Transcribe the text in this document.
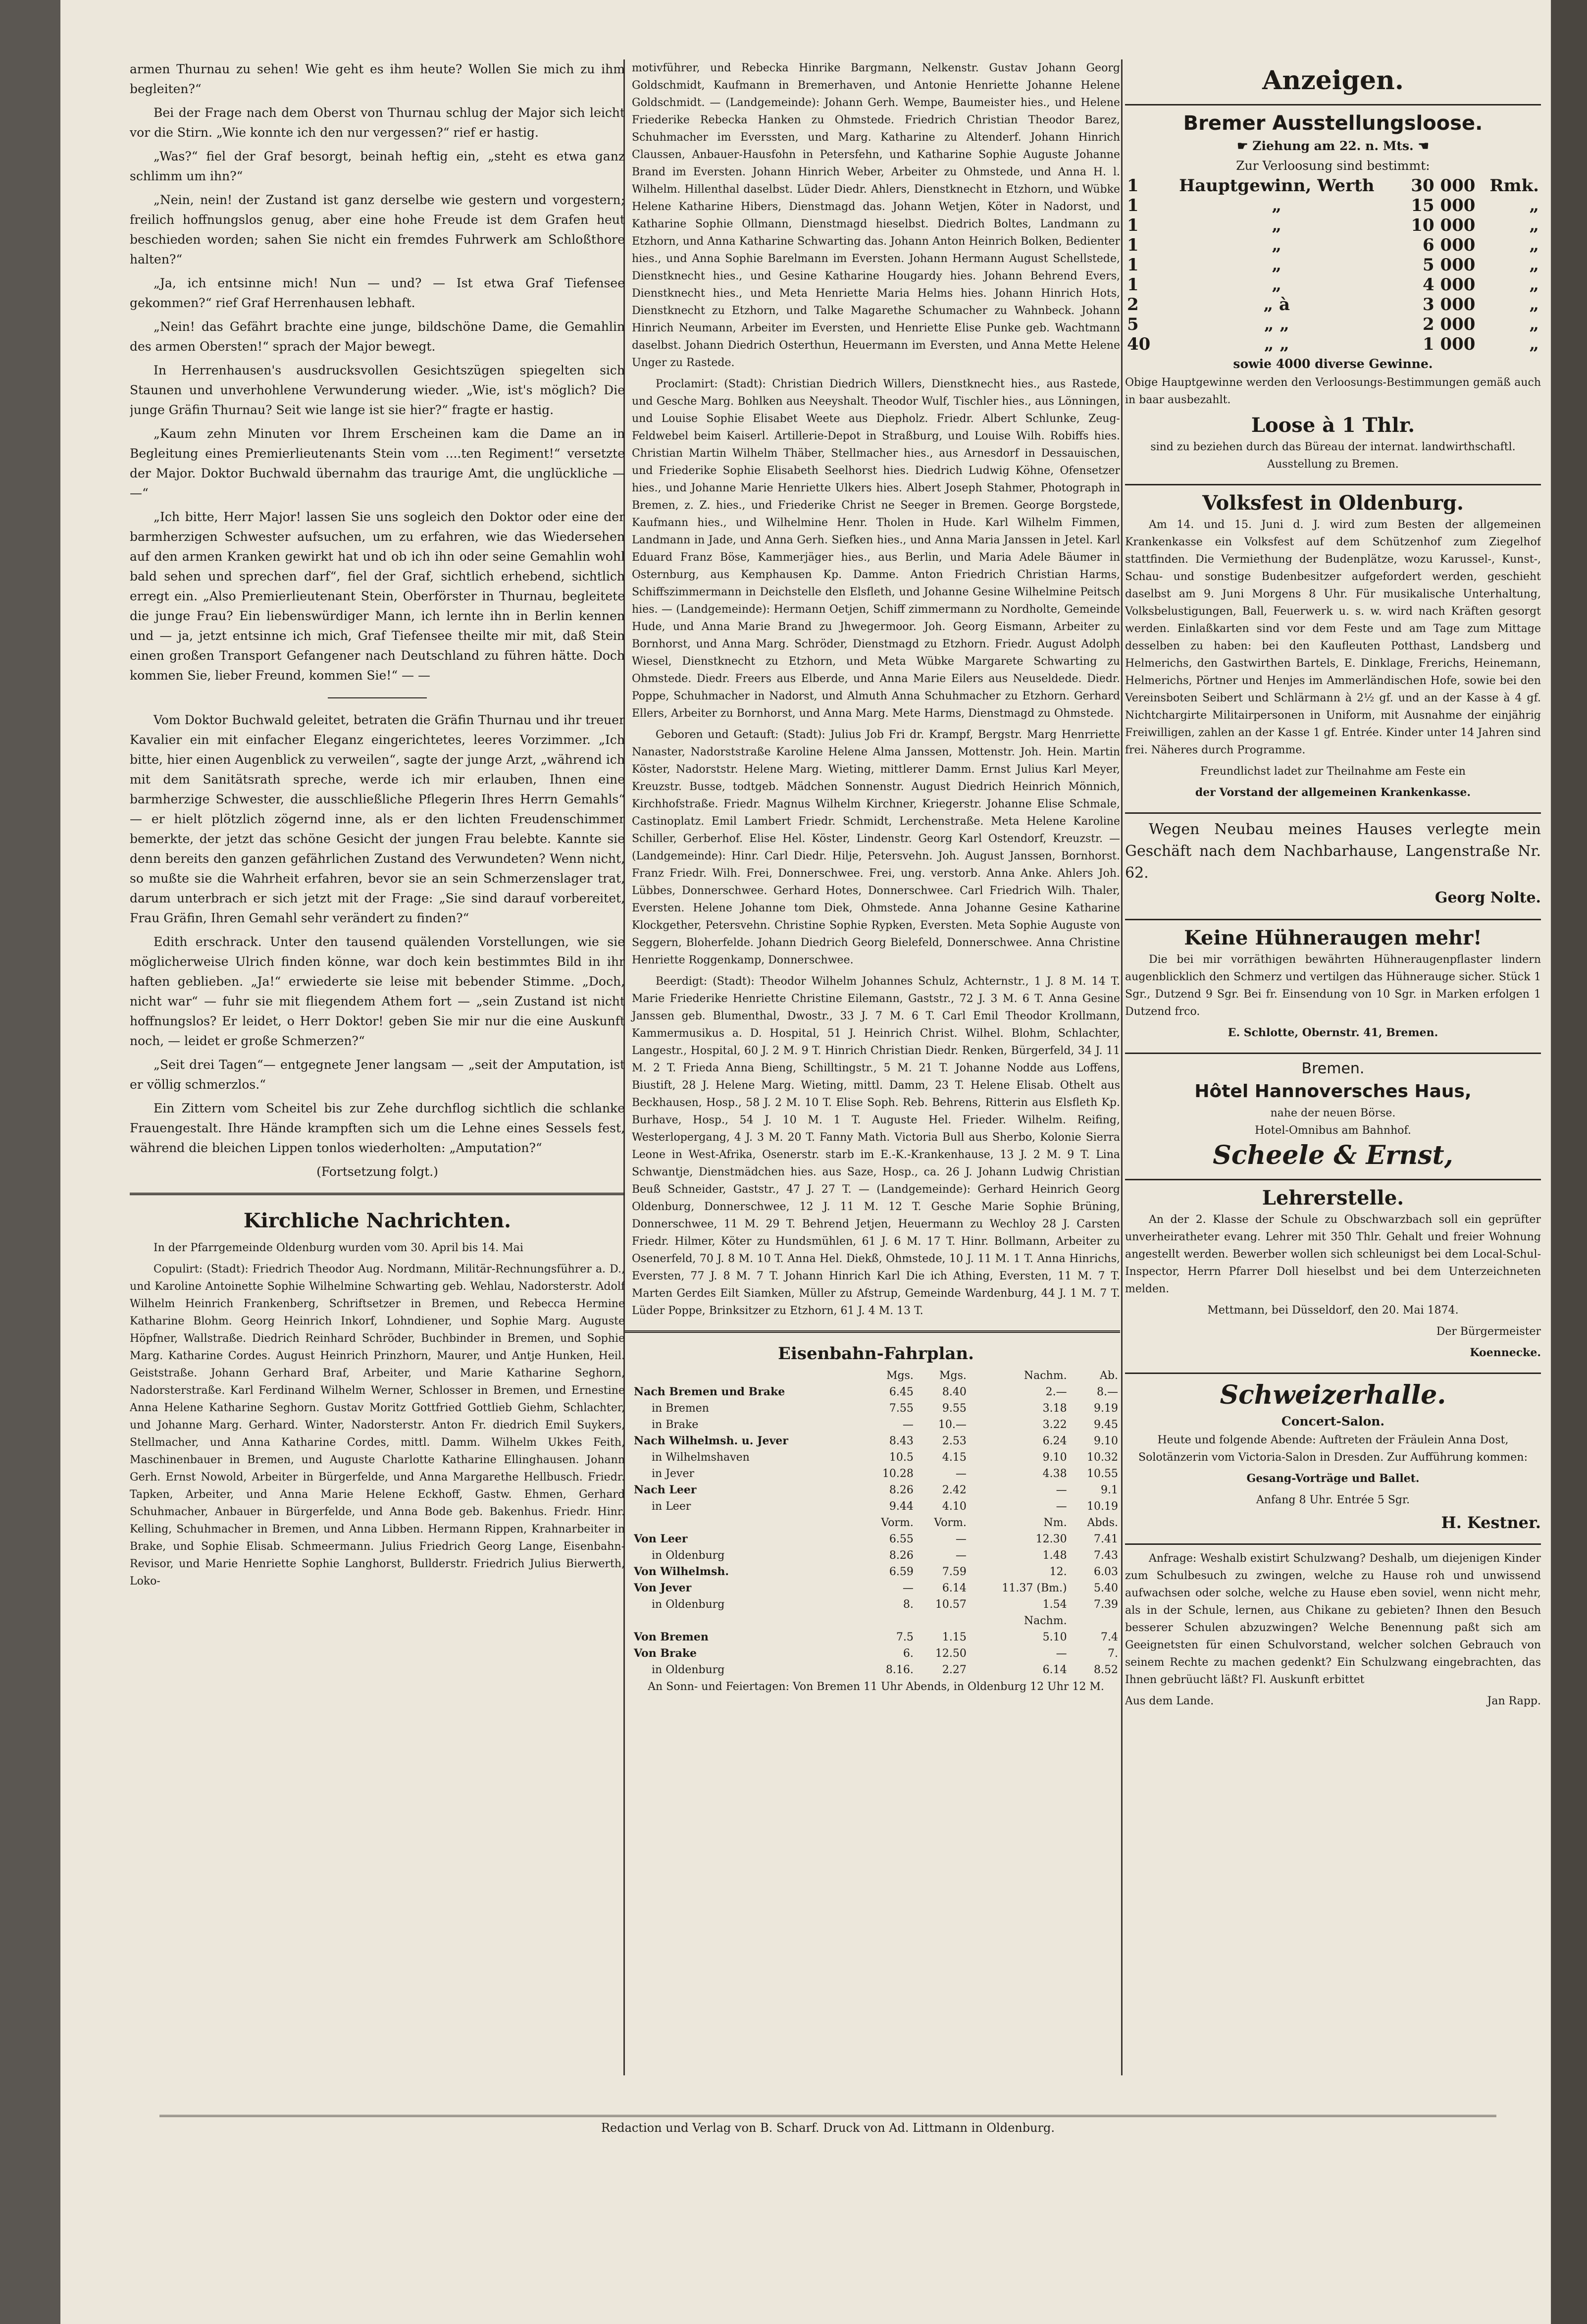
armen Thurnau zu sehen! Wie geht es ihm heute? Wollen Sie mich zu ihm begleiten?“

Bei der Frage nach dem Oberst von Thurnau schlug der Major sich leicht vor die Stirn. „Wie konnte ich den nur vergessen?“ rief er hastig.

„Was?“ fiel der Graf besorgt, beinah heftig ein, „steht es etwa ganz schlimm um ihn?“

„Nein, nein! der Zustand ist ganz derselbe wie gestern und vorgestern; freilich hoffnungslos genug, aber eine hohe Freude ist dem Grafen heut beschieden worden; sahen Sie nicht ein fremdes Fuhrwerk am Schloßthore halten?“

„Ja, ich entsinne mich! Nun — und? — Ist etwa Graf Tiefensee gekommen?“ rief Graf Herrenhausen lebhaft.

„Nein! das Gefährt brachte eine junge, bildschöne Dame, die Gemahlin des armen Obersten!“ sprach der Major bewegt.

In Herrenhausen's ausdrucksvollen Gesichtszügen spiegelten sich Staunen und unverhohlene Verwunderung wieder. „Wie, ist's möglich? Die junge Gräfin Thurnau? Seit wie lange ist sie hier?“ fragte er hastig.

„Kaum zehn Minuten vor Ihrem Erscheinen kam die Dame an in Begleitung eines Premierlieutenants Stein vom ....ten Regiment!“ versetzte der Major. Doktor Buchwald übernahm das traurige Amt, die unglückliche — —“

„Ich bitte, Herr Major! lassen Sie uns sogleich den Doktor oder eine der barmherzigen Schwester aufsuchen, um zu erfahren, wie das Wiedersehen auf den armen Kranken gewirkt hat und ob ich ihn oder seine Gemahlin wohl bald sehen und sprechen darf“, fiel der Graf, sichtlich erhebend, sichtlich erregt ein. „Also Premierlieutenant Stein, Oberförster in Thurnau, begleitete die junge Frau? Ein liebenswürdiger Mann, ich lernte ihn in Berlin kennen und — ja, jetzt entsinne ich mich, Graf Tiefensee theilte mir mit, daß Stein einen großen Transport Gefangener nach Deutschland zu führen hätte. Doch kommen Sie, lieber Freund, kommen Sie!“ — —

Vom Doktor Buchwald geleitet, betraten die Gräfin Thurnau und ihr treuer Kavalier ein mit einfacher Eleganz eingerichtetes, leeres Vorzimmer. „Ich bitte, hier einen Augenblick zu verweilen“, sagte der junge Arzt, „während ich mit dem Sanitätsrath spreche, werde ich mir erlauben, Ihnen eine barmherzige Schwester, die ausschließliche Pflegerin Ihres Herrn Gemahls“ — er hielt plötzlich zögernd inne, als er den lichten Freudenschimmer bemerkte, der jetzt das schöne Gesicht der jungen Frau belebte. Kannte sie denn bereits den ganzen gefährlichen Zustand des Verwundeten? Wenn nicht, so mußte sie die Wahrheit erfahren, bevor sie an sein Schmerzenslager trat, darum unterbrach er sich jetzt mit der Frage: „Sie sind darauf vorbereitet, Frau Gräfin, Ihren Gemahl sehr verändert zu finden?“

Edith erschrack. Unter den tausend quälenden Vorstellungen, wie sie möglicherweise Ulrich finden könne, war doch kein bestimmtes Bild in ihr haften geblieben. „Ja!“ erwiederte sie leise mit bebender Stimme. „Doch, nicht war“ — fuhr sie mit fliegendem Athem fort — „sein Zustand ist nicht hoffnungslos? Er leidet, o Herr Doktor! geben Sie mir nur die eine Auskunft noch, — leidet er große Schmerzen?“

„Seit drei Tagen“— entgegnete Jener langsam — „seit der Amputation, ist er völlig schmerzlos.“

Ein Zittern vom Scheitel bis zur Zehe durchflog sichtlich die schlanke Frauengestalt. Ihre Hände krampften sich um die Lehne eines Sessels fest, während die bleichen Lippen tonlos wiederholten: „Amputation?“

(Fortsetzung folgt.)

Kirchliche Nachrichten.

In der Pfarrgemeinde Oldenburg wurden vom 30. April bis 14. Mai

Copulirt: (Stadt): Friedrich Theodor Aug. Nordmann, Militär-Rechnungsführer a. D., und Karoline Antoinette Sophie Wilhelmine Schwarting geb. Wehlau, Nadorsterstr. Adolf Wilhelm Heinrich Frankenberg, Schriftsetzer in Bremen, und Rebecca Hermine Katharine Blohm. Georg Heinrich Inkorf, Lohndiener, und Sophie Marg. Auguste Höpfner, Wallstraße. Diedrich Reinhard Schröder, Buchbinder in Bremen, und Sophie Marg. Katharine Cordes. August Heinrich Prinzhorn, Maurer, und Antje Hunken, Heil. Geiststraße. Johann Gerhard Braf, Arbeiter, und Marie Katharine Seghorn, Nadorsterstraße. Karl Ferdinand Wilhelm Werner, Schlosser in Bremen, und Ernestine Anna Helene Katharine Seghorn. Gustav Moritz Gottfried Gottlieb Giehm, Schlachter, und Johanne Marg. Gerhard. Winter, Nadorsterstr. Anton Fr. diedrich Emil Suykers, Stellmacher, und Anna Katharine Cordes, mittl. Damm. Wilhelm Ukkes Feith, Maschinenbauer in Bremen, und Auguste Charlotte Katharine Ellinghausen. Johann Gerh. Ernst Nowold, Arbeiter in Bürgerfelde, und Anna Margarethe Hellbusch. Friedr. Tapken, Arbeiter, und Anna Marie Helene Eckhoff, Gastw. Ehmen, Gerhard Schuhmacher, Anbauer in Bürgerfelde, und Anna Bode geb. Bakenhus. Friedr. Hinr. Kelling, Schuhmacher in Bremen, und Anna Libben. Hermann Rippen, Krahnarbeiter in Brake, und Sophie Elisab. Schmeermann. Julius Friedrich Georg Lange, Eisenbahn-Revisor, und Marie Henriette Sophie Langhorst, Bullderstr. Friedrich Julius Bierwerth, Loko-

motivführer, und Rebecka Hinrike Bargmann, Nelkenstr. Gustav Johann Georg Goldschmidt, Kaufmann in Bremerhaven, und Antonie Henriette Johanne Helene Goldschmidt. — (Landgemeinde): Johann Gerh. Wempe, Baumeister hies., und Helene Friederike Rebecka Hanken zu Ohmstede. Friedrich Christian Theodor Barez, Schuhmacher im Everssten, und Marg. Katharine zu Altenderf. Johann Hinrich Claussen, Anbauer-Hausfohn in Petersfehn, und Katharine Sophie Auguste Johanne Brand im Eversten. Johann Hinrich Weber, Arbeiter zu Ohmstede, und Anna H. l. Wilhelm. Hillenthal daselbst. Lüder Diedr. Ahlers, Dienstknecht in Etzhorn, und Wübke Helene Katharine Hibers, Dienstmagd das. Johann Wetjen, Köter in Nadorst, und Katharine Sophie Ollmann, Dienstmagd hieselbst. Diedrich Boltes, Landmann zu Etzhorn, und Anna Katharine Schwarting das. Johann Anton Heinrich Bolken, Bedienter hies., und Anna Sophie Barelmann im Eversten. Johann Hermann August Schellstede, Dienstknecht hies., und Gesine Katharine Hougardy hies. Johann Behrend Evers, Dienstknecht hies., und Meta Henriette Maria Helms hies. Johann Hinrich Hots, Dienstknecht zu Etzhorn, und Talke Magarethe Schumacher zu Wahnbeck. Johann Hinrich Neumann, Arbeiter im Eversten, und Henriette Elise Punke geb. Wachtmann daselbst. Johann Diedrich Osterthun, Heuermann im Eversten, und Anna Mette Helene Unger zu Rastede.

Proclamirt: (Stadt): Christian Diedrich Willers, Dienstknecht hies., aus Rastede, und Gesche Marg. Bohlken aus Neeyshalt. Theodor Wulf, Tischler hies., aus Lönningen, und Louise Sophie Elisabet Weete aus Diepholz. Friedr. Albert Schlunke, Zeug-Feldwebel beim Kaiserl. Artillerie-Depot in Straßburg, und Louise Wilh. Robiffs hies. Christian Martin Wilhelm Thäber, Stellmacher hies., aus Arnesdorf in Dessauischen, und Friederike Sophie Elisabeth Seelhorst hies. Diedrich Ludwig Köhne, Ofensetzer hies., und Johanne Marie Henriette Ulkers hies. Albert Joseph Stahmer, Photograph in Bremen, z. Z. hies., und Friederike Christ ne Seeger in Bremen. George Borgstede, Kaufmann hies., und Wilhelmine Henr. Tholen in Hude. Karl Wilhelm Fimmen, Landmann in Jade, und Anna Gerh. Siefken hies., und Anna Maria Janssen in Jetel. Karl Eduard Franz Böse, Kammerjäger hies., aus Berlin, und Maria Adele Bäumer in Osternburg, aus Kemphausen Kp. Damme. Anton Friedrich Christian Harms, Schiffszimmermann in Deichstelle den Elsfleth, und Johanne Gesine Wilhelmine Peitsch hies. — (Landgemeinde): Hermann Oetjen, Schiff zimmermann zu Nordholte, Gemeinde Hude, und Anna Marie Brand zu Jhwegermoor. Joh. Georg Eismann, Arbeiter zu Bornhorst, und Anna Marg. Schröder, Dienstmagd zu Etzhorn. Friedr. August Adolph Wiesel, Dienstknecht zu Etzhorn, und Meta Wübke Margarete Schwarting zu Ohmstede. Diedr. Freers aus Elberde, und Anna Marie Eilers aus Neuseldede. Diedr. Poppe, Schuhmacher in Nadorst, und Almuth Anna Schuhmacher zu Etzhorn. Gerhard Ellers, Arbeiter zu Bornhorst, und Anna Marg. Mete Harms, Dienstmagd zu Ohmstede.

Geboren und Getauft: (Stadt): Julius Job Fri dr. Krampf, Bergstr. Marg Henrriette Nanaster, Nadorststraße Karoline Helene Alma Janssen, Mottenstr. Joh. Hein. Martin Köster, Nadorststr. Helene Marg. Wieting, mittlerer Damm. Ernst Julius Karl Meyer, Kreuzstr. Busse, todtgeb. Mädchen Sonnenstr. August Diedrich Heinrich Mönnich, Kirchhofstraße. Friedr. Magnus Wilhelm Kirchner, Kriegerstr. Johanne Elise Schmale, Castinoplatz. Emil Lambert Friedr. Schmidt, Lerchenstraße. Meta Helene Karoline Schiller, Gerberhof. Elise Hel. Köster, Lindenstr. Georg Karl Ostendorf, Kreuzstr. — (Landgemeinde): Hinr. Carl Diedr. Hilje, Petersvehn. Joh. August Janssen, Bornhorst. Franz Friedr. Wilh. Frei, Donnerschwee. Frei, ung. verstorb. Anna Anke. Ahlers Joh. Lübbes, Donnerschwee. Gerhard Hotes, Donnerschwee. Carl Friedrich Wilh. Thaler, Eversten. Helene Johanne tom Diek, Ohmstede. Anna Johanne Gesine Katharine Klockgether, Petersvehn. Christine Sophie Rypken, Eversten. Meta Sophie Auguste von Seggern, Bloherfelde. Johann Diedrich Georg Bielefeld, Donnerschwee. Anna Christine Henriette Roggenkamp, Donnerschwee.

Beerdigt: (Stadt): Theodor Wilhelm Johannes Schulz, Achternstr., 1 J. 8 M. 14 T. Marie Friederike Henriette Christine Eilemann, Gaststr., 72 J. 3 M. 6 T. Anna Gesine Janssen geb. Blumenthal, Dwostr., 33 J. 7 M. 6 T. Carl Emil Theodor Krollmann, Kammermusikus a. D. Hospital, 51 J. Heinrich Christ. Wilhel. Blohm, Schlachter, Langestr., Hospital, 60 J. 2 M. 9 T. Hinrich Christian Diedr. Renken, Bürgerfeld, 34 J. 11 M. 2 T. Frieda Anna Bieng, Schilltingstr., 5 M. 21 T. Johanne Nodde aus Loffens, Biustift, 28 J. Helene Marg. Wieting, mittl. Damm, 23 T. Helene Elisab. Othelt aus Beckhausen, Hosp., 58 J. 2 M. 10 T. Elise Soph. Reb. Behrens, Ritterin aus Elsfleth Kp. Burhave, Hosp., 54 J. 10 M. 1 T. Auguste Hel. Frieder. Wilhelm. Reifing, Westerlopergang, 4 J. 3 M. 20 T. Fanny Math. Victoria Bull aus Sherbo, Kolonie Sierra Leone in West-Afrika, Osenerstr. starb im E.-K.-Krankenhause, 13 J. 2 M. 9 T. Lina Schwantje, Dienstmädchen hies. aus Saze, Hosp., ca. 26 J. Johann Ludwig Christian Beuß Schneider, Gaststr., 47 J. 27 T. — (Landgemeinde): Gerhard Heinrich Georg Oldenburg, Donnerschwee, 12 J. 11 M. 12 T. Gesche Marie Sophie Brüning, Donnerschwee, 11 M. 29 T. Behrend Jetjen, Heuermann zu Wechloy 28 J. Carsten Friedr. Hilmer, Köter zu Hundsmühlen, 61 J. 6 M. 17 T. Hinr. Bollmann, Arbeiter zu Osenerfeld, 70 J. 8 M. 10 T. Anna Hel. Diekß, Ohmstede, 10 J. 11 M. 1 T. Anna Hinrichs, Eversten, 77 J. 8 M. 7 T. Johann Hinrich Karl Die ich Athing, Eversten, 11 M. 7 T. Marten Gerdes Eilt Siamken, Müller zu Afstrup, Gemeinde Wardenburg, 44 J. 1 M. 7 T. Lüder Poppe, Brinksitzer zu Etzhorn, 61 J. 4 M. 13 T.

Eisenbahn-Fahrplan.
	Mgs.	Mgs.	Nachm.	Ab.
Nach Bremen und Brake	6.45	8.40	2.—	8.—
in Bremen	7.55	9.55	3.18	9.19
in Brake	—	10.—	3.22	9.45
Nach Wilhelmsh. u. Jever	8.43	2.53	6.24	9.10
in Wilhelmshaven	10.5	4.15	9.10	10.32
in Jever	10.28	—	4.38	10.55
Nach Leer	8.26	2.42	—	9.1
in Leer	9.44	4.10	—	10.19
	Vorm.	Vorm.	Nm.	Abds.
Von Leer	6.55	—	12.30	7.41
in Oldenburg	8.26	—	1.48	7.43
Von Wilhelmsh.	6.59	7.59	12.	6.03
Von Jever	—	6.14	11.37 (Bm.)	5.40
in Oldenburg	8.	10.57	1.54	7.39
			Nachm.	
Von Bremen	7.5	1.15	5.10	7.4
Von Brake	6.	12.50	—	7.
in Oldenburg	8.16.	2.27	6.14	8.52

An Sonn- und Feiertagen: Von Bremen 11 Uhr Abends, in Oldenburg 12 Uhr 12 M.

Anzeigen.
Bremer Ausstellungsloose.
☛ Ziehung am 22. n. Mts. ☚
Zur Verloosung sind bestimmt:
1	Hauptgewinn, Werth	30 000	Rmk.
1	„	15 000	„
1	„	10 000	„
1	„	6 000	„
1	„	5 000	„
1	„	4 000	„
2	„ à	3 000	„
5	„ „	2 000	„
40	„ „	1 000	„
sowie 4000 diverse Gewinne.

Obige Hauptgewinne werden den Verloosungs-Bestimmungen gemäß auch in baar ausbezahlt.

Loose à 1 Thlr.

sind zu beziehen durch das Büreau der internat. landwirthschaftl. Ausstellung zu Bremen.

Volksfest in Oldenburg.

Am 14. und 15. Juni d. J. wird zum Besten der allgemeinen Krankenkasse ein Volksfest auf dem Schützenhof zum Ziegelhof stattfinden. Die Vermiethung der Budenplätze, wozu Karussel-, Kunst-, Schau- und sonstige Budenbesitzer aufgefordert werden, geschieht daselbst am 9. Juni Morgens 8 Uhr. Für musikalische Unterhaltung, Volksbelustigungen, Ball, Feuerwerk u. s. w. wird nach Kräften gesorgt werden. Einlaßkarten sind vor dem Feste und am Tage zum Mittage desselben zu haben: bei den Kaufleuten Potthast, Landsberg und Helmerichs, den Gastwirthen Bartels, E. Dinklage, Frerichs, Heinemann, Helmerichs, Pörtner und Henjes im Ammerländischen Hofe, sowie bei den Vereinsboten Seibert und Schlärmann à 2½ gf. und an der Kasse à 4 gf. Nichtchargirte Militairpersonen in Uniform, mit Ausnahme der einjährig Freiwilligen, zahlen an der Kasse 1 gf. Entrée. Kinder unter 14 Jahren sind frei. Näheres durch Programme.

Freundlichst ladet zur Theilnahme am Feste ein

der Vorstand der allgemeinen Krankenkasse.

Wegen Neubau meines Hauses verlegte mein Geschäft nach dem Nachbarhause, Langenstraße Nr. 62.

Georg Nolte.

Keine Hühneraugen mehr!

Die bei mir vorräthigen bewährten Hühneraugenpflaster lindern augenblicklich den Schmerz und vertilgen das Hühnerauge sicher. Stück 1 Sgr., Dutzend 9 Sgr. Bei fr. Einsendung von 10 Sgr. in Marken erfolgen 1 Dutzend frco.

E. Schlotte, Obernstr. 41, Bremen.

Bremen.
Hôtel Hannoversches Haus,
nahe der neuen Börse.
Hotel-Omnibus am Bahnhof.
Scheele & Ernst,
Lehrerstelle.

An der 2. Klasse der Schule zu Obschwarzbach soll ein geprüfter unverheiratheter evang. Lehrer mit 350 Thlr. Gehalt und freier Wohnung angestellt werden. Bewerber wollen sich schleunigst bei dem Local-Schul-Inspector, Herrn Pfarrer Doll hieselbst und bei dem Unterzeichneten melden.

Mettmann, bei Düsseldorf, den 20. Mai 1874.

Der Bürgermeister

Koennecke.

Schweizerhalle.
Concert-Salon.

Heute und folgende Abende: Auftreten der Fräulein Anna Dost, Solotänzerin vom Victoria-Salon in Dresden. Zur Aufführung kommen:

Gesang-Vorträge und Ballet.

Anfang 8 Uhr. Entrée 5 Sgr.

H. Kestner.

Anfrage: Weshalb existirt Schulzwang? Deshalb, um diejenigen Kinder zum Schulbesuch zu zwingen, welche zu Hause roh und unwissend aufwachsen oder solche, welche zu Hause eben soviel, wenn nicht mehr, als in der Schule, lernen, aus Chikane zu gebieten? Ihnen den Besuch besserer Schulen abzuzwingen? Welche Benennung paßt sich am Geeignetsten für einen Schulvorstand, welcher solchen Gebrauch von seinem Rechte zu machen gedenkt? Ein Schulzwang eingebrachten, das Ihnen gebrüucht läßt? Fl. Auskunft erbittet

Aus dem Lande.	Jan Rapp.

Redaction und Verlag von B. Scharf. Druck von Ad. Littmann in Oldenburg.
